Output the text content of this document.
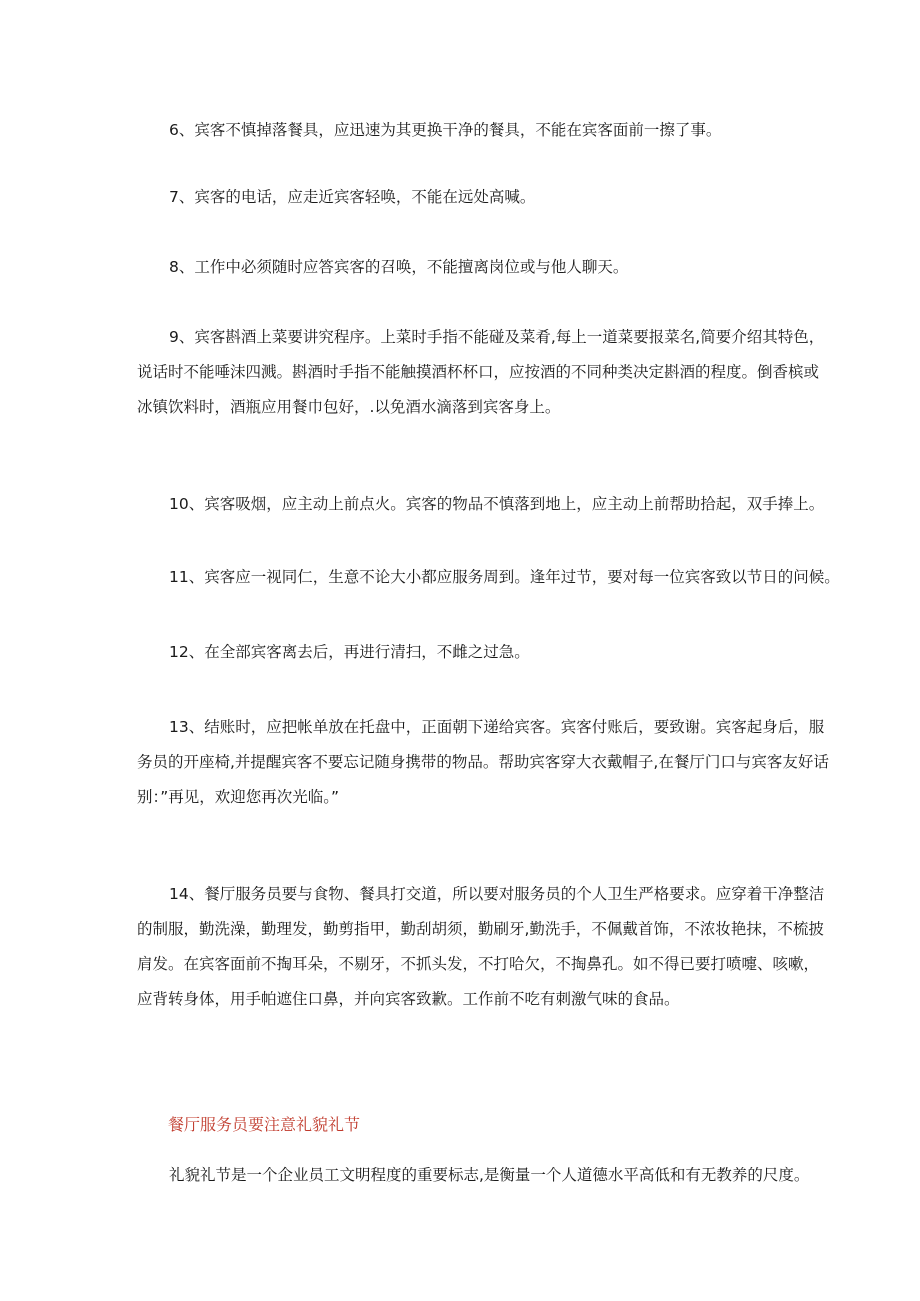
6、宾客不慎掉落餐具，应迅速为其更换干净的餐具，不能在宾客面前一擦了事。

7、宾客的电话，应走近宾客轻唤，不能在远处高喊。

8、工作中必须随时应答宾客的召唤，不能擅离岗位或与他人聊天。

9、宾客斟酒上菜要讲究程序。上菜时手指不能碰及菜肴,每上一道菜要报菜名,简要介绍其特色，
说话时不能唾沫四溅。斟酒时手指不能触摸酒杯杯口，应按酒的不同种类决定斟酒的程度。倒香槟或
冰镇饮料时，酒瓶应用餐巾包好，.以免酒水滴落到宾客身上。

10、宾客吸烟，应主动上前点火。宾客的物品不慎落到地上，应主动上前帮助拾起，双手捧上。

11、宾客应一视同仁，生意不论大小都应服务周到。逢年过节，要对每一位宾客致以节日的问候。

12、在全部宾客离去后，再进行清扫，不雌之过急。

13、结账时，应把帐单放在托盘中，正面朝下递给宾客。宾客付账后，要致谢。宾客起身后，服
务员的开座椅,并提醒宾客不要忘记随身携带的物品。帮助宾客穿大衣戴帽子,在餐厅门口与宾客友好话
别：”再见，欢迎您再次光临。”

14、餐厅服务员要与食物、餐具打交道，所以要对服务员的个人卫生严格要求。应穿着干净整洁
的制服，勤洗澡，勤理发，勤剪指甲，勤刮胡须，勤刷牙,勤洗手，不佩戴首饰，不浓妆艳抹，不梳披
肩发。在宾客面前不掏耳朵，不剔牙，不抓头发，不打哈欠，不掏鼻孔。如不得已要打喷嚏、咳嗽，
应背转身体，用手帕遮住口鼻，并向宾客致歉。工作前不吃有刺激气味的食品。

餐厅服务员要注意礼貌礼节

礼貌礼节是一个企业员工文明程度的重要标志,是衡量一个人道德水平高低和有无教养的尺度。
